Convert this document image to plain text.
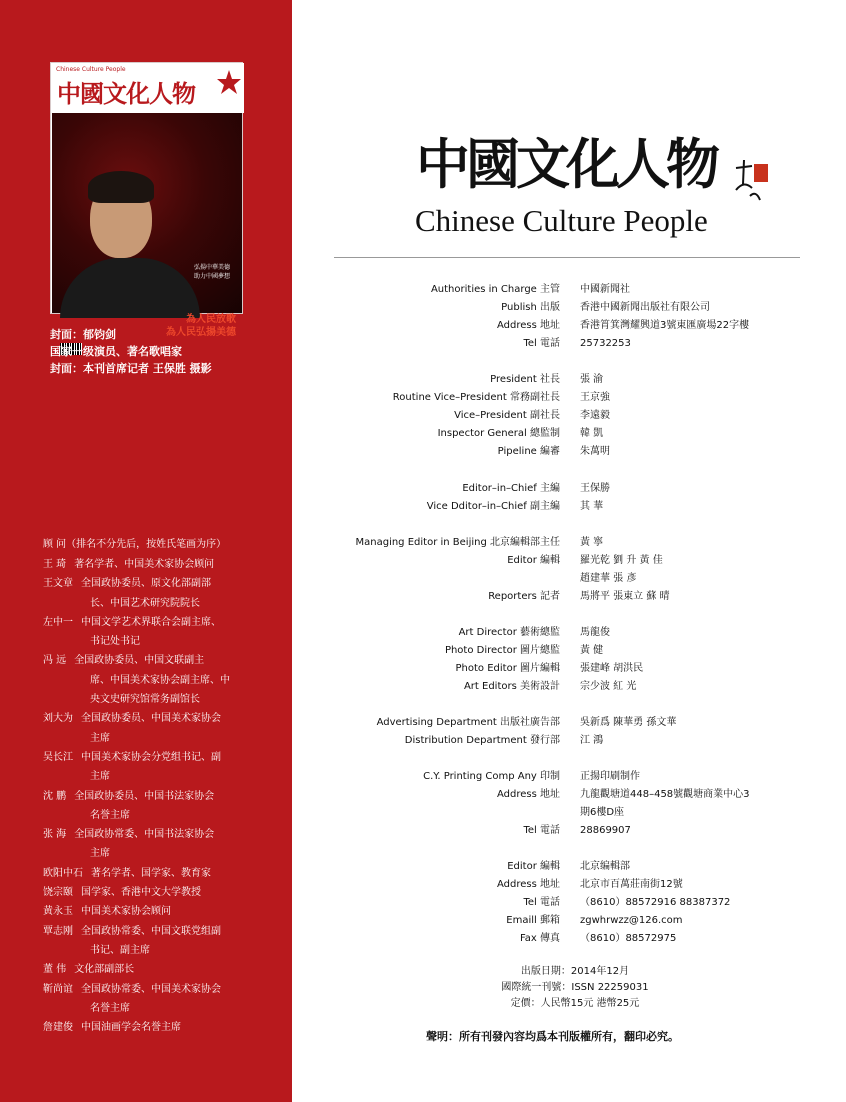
Chinese Culture People
中國文化人物
弘揚中華美德
助力中國夢想
為人民放歌
為人民弘揚美德
封面：郁钧剑
国家一级演员、著名歌唱家
封面：本刊首席记者 王保胜 摄影
顾 问（排名不分先后，按姓氏笔画为序）
王 琦 著名学者、中国美术家协会顾问
王文章 全国政协委员、原文化部副部
长、中国艺术研究院院长
左中一 中国文学艺术界联合会副主席、
书记处书记
冯 远 全国政协委员、中国文联副主
席、中国美术家协会副主席、中
央文史研究馆常务副馆长
刘大为 全国政协委员、中国美术家协会
主席
吴长江 中国美术家协会分党组书记、副
主席
沈 鹏 全国政协委员、中国书法家协会
名誉主席
张 海 全国政协常委、中国书法家协会
主席
欧阳中石 著名学者、国学家、教育家
饶宗颐 国学家、香港中文大学教授
黄永玉 中国美术家协会顾问
覃志刚 全国政协常委、中国文联党组副
书记、副主席
董 伟 文化部副部长
靳尚谊 全国政协常委、中国美术家协会
名誉主席
詹建俊 中国油画学会名誉主席
中國文化人物
Chinese Culture People
Authorities in Charge 主管 中國新聞社
Publish 出版 香港中國新聞出版社有限公司
Address 地址 香港筲箕灣耀興道3號東匯廣場22字樓
Tel 電話 25732253
President 社長 張 渝
Routine Vice–President 常務副社長 王京強
Vice–President 副社長 李遠毅
Inspector General 總監制 韓 凱
Pipeline 編審 朱萬明
Editor–in–Chief 主編 王保勝
Vice Dditor–in–Chief 副主編 其 華
Managing Editor in Beijing 北京編輯部主任 黃 寧
Editor 編輯 羅光乾 劉 升 黃 佳
趙建華 張 彥
Reporters 記者 馬將平 張東立 蘇 晴
Art Director 藝術總監 馬龍俊
Photo Director 圖片總監 黃 健
Photo Editor 圖片編輯 張建峰 胡洪民
Art Editors 美術設計 宗少波 紅 光
Advertising Department 出版社廣告部 吳新爲 陳華勇 孫文華
Distribution Department 發行部 江 鴻
C.Y. Printing Comp Any 印制 正揚印刷制作
Address 地址 九龍觀塘道448–458號觀塘商業中心3
期6樓D座
Tel 電話 28869907
Editor 編輯 北京编輯部
Address 地址 北京市百萬莊南街12號
Tel 電話 （8610）88572916 88387372
Emaill 郵箱 zgwhrwzz@126.com
Fax 傳真 （8610）88572975
出版日期：2014年12月
國際統一刊號：ISSN 22259031
定價：人民幣15元 港幣25元
聲明：所有刊發內容均爲本刊版權所有，翻印必究。
